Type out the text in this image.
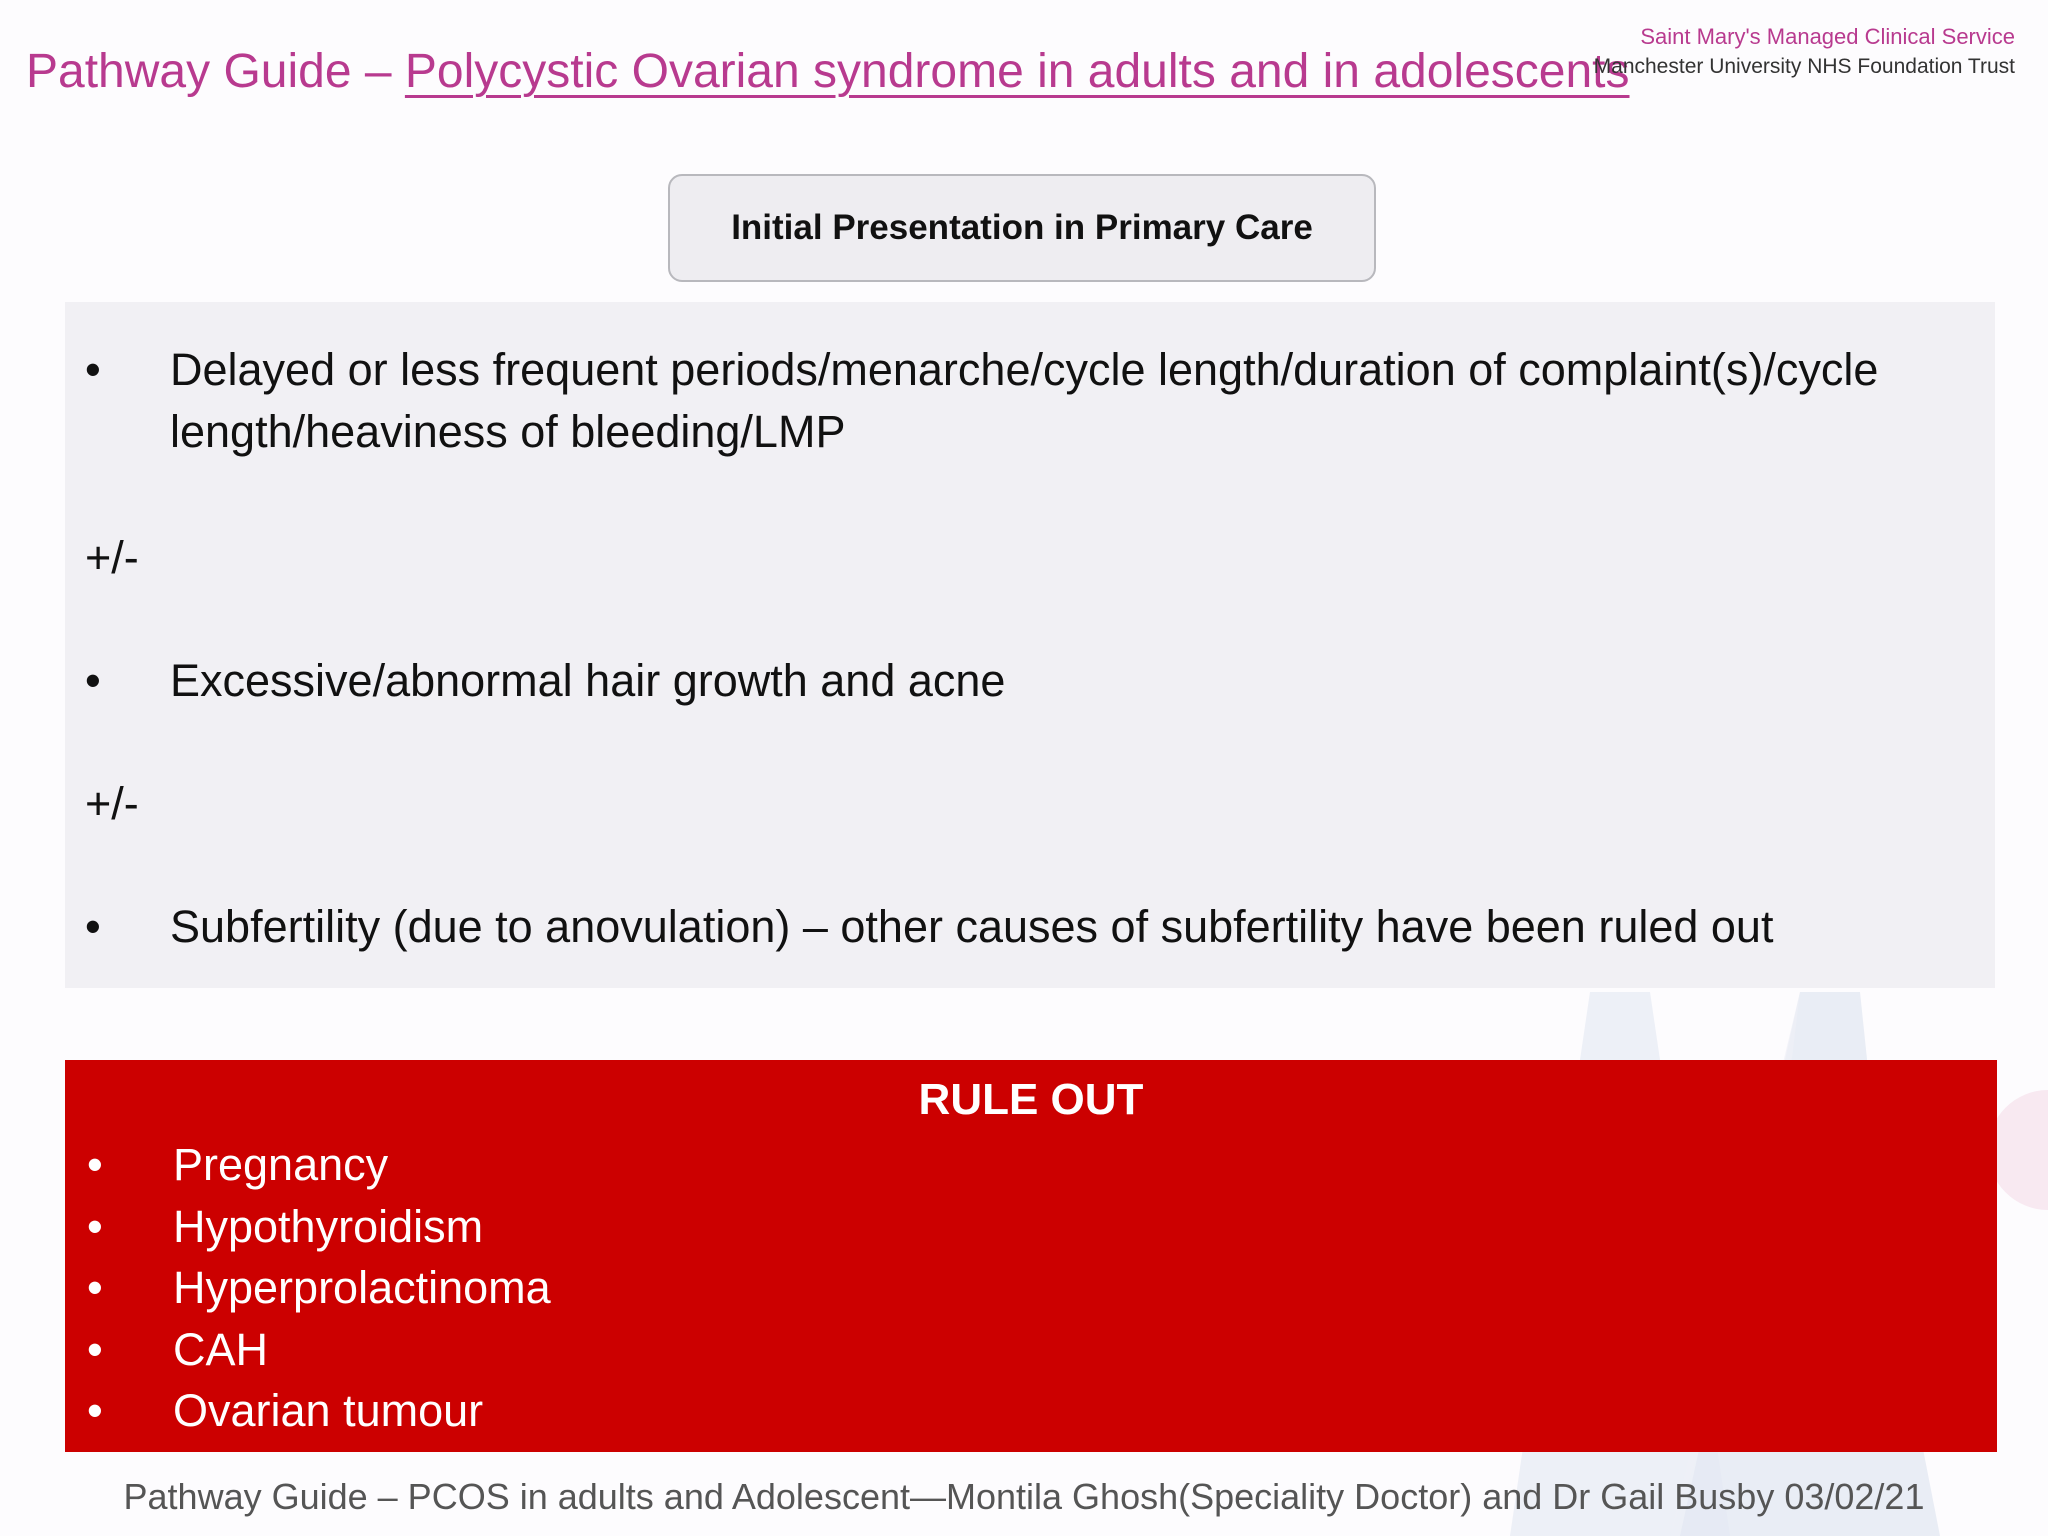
Pathway Guide – Polycystic Ovarian syndrome in adults and in adolescents
Saint Mary's Managed Clinical Service
Manchester University NHS Foundation Trust
Initial Presentation in Primary Care
•	Delayed or less frequent periods/menarche/cycle length/duration of complaint(s)/cycle length/heaviness of bleeding/LMP
+/-
•	Excessive/abnormal hair growth and acne
+/-
•	Subfertility (due to anovulation) – other causes of subfertility have been ruled out
RULE OUT
• Pregnancy
• Hypothyroidism
• Hyperprolactinoma
• CAH
• Ovarian tumour
Pathway Guide – PCOS in adults and Adolescent—Montila Ghosh(Speciality Doctor) and Dr Gail Busby 03/02/21
